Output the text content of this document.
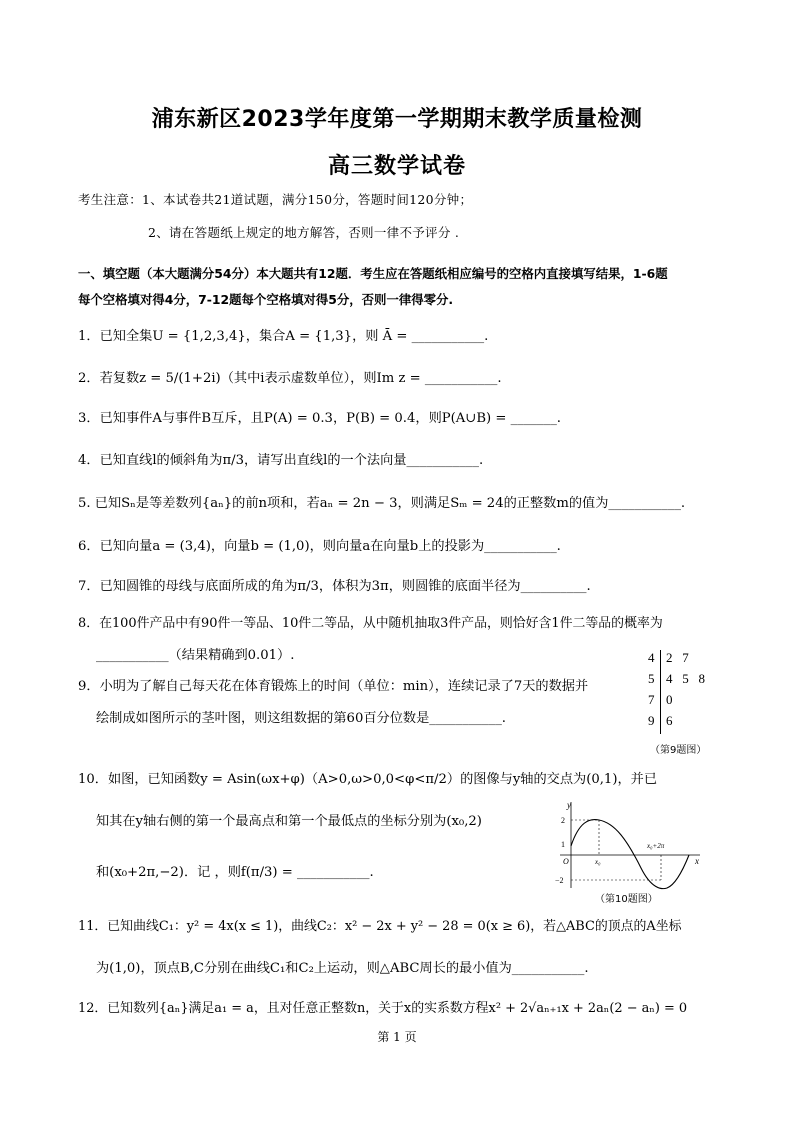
浦东新区2023学年度第一学期期末教学质量检测
高三数学试卷
考生注意：1、本试卷共21道试题，满分150分，答题时间120分钟；
2、请在答题纸上规定的地方解答，否则一律不予评分 .
一、填空题（本大题满分54分）本大题共有12题．考生应在答题纸相应编号的空格内直接填写结果，1-6题
每个空格填对得4分，7-12题每个空格填对得5分，否则一律得零分.
1．已知全集U = {1,2,3,4}，集合A = {1,3}，则 Ā = ___________.
2．若复数z = 5/(1+2i)（其中i表示虚数单位），则Im z = ___________.
3．已知事件A与事件B互斥，且P(A) = 0.3，P(B) = 0.4，则P(A∪B) = _______.
4．已知直线l的倾斜角为π/3，请写出直线l的一个法向量___________.
5. 已知Sₙ是等差数列{aₙ}的前n项和，若aₙ = 2n − 3，则满足Sₘ = 24的正整数m的值为___________.
6．已知向量a = (3,4)，向量b = (1,0)，则向量a在向量b上的投影为___________.
7．已知圆锥的母线与底面所成的角为π/3，体积为3π，则圆锥的底面半径为__________.
8．在100件产品中有90件一等品、10件二等品，从中随机抽取3件产品，则恰好含1件二等品的概率为
___________（结果精确到0.01）.
9．小明为了解自己每天花在体育锻炼上的时间（单位：min），连续记录了7天的数据并
绘制成如图所示的茎叶图，则这组数据的第60百分位数是___________.
4 2   7
5 4   5   8
7 0
9 6
（第9题图）
10．如图，已知函数y = Asin(ωx+φ)（A>0,ω>0,0<φ<π/2）的图像与y轴的交点为(0,1)，并已
知其在y轴右侧的第一个最高点和第一个最低点的坐标分别为(x₀,2)
和(x₀+2π,−2)．记 ，则f(π/3) = ___________.
y
x
2
1
−2
O	x₀
x₀+2π
（第10题图）
11．已知曲线C₁：y² = 4x(x ≤ 1)，曲线C₂：x² − 2x + y² − 28 = 0(x ≥ 6)，若△ABC的顶点的A坐标
为(1,0)，顶点B,C分别在曲线C₁和C₂上运动，则△ABC周长的最小值为___________.
12．已知数列{aₙ}满足a₁ = a，且对任意正整数n，关于x的实系数方程x² + 2√aₙ₊₁x + 2aₙ(2 − aₙ) = 0
第 1 页
